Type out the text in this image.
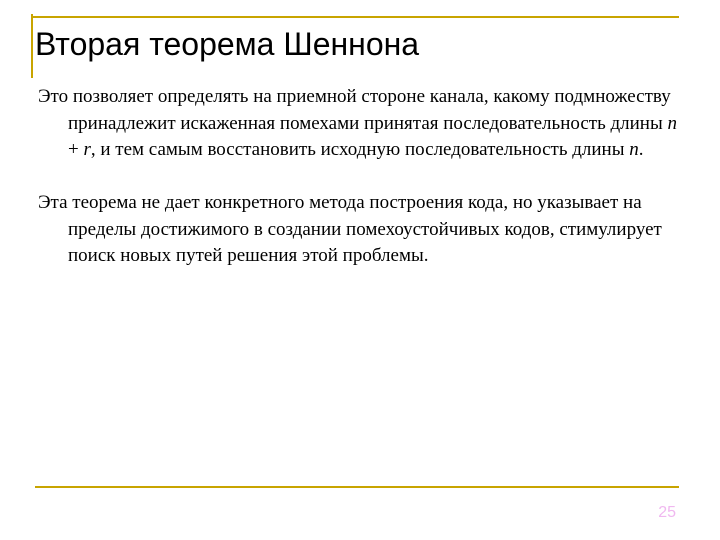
Вторая теорема Шеннона

Это позволяет определять на приемной стороне канала, какому подмножеству принадлежит искаженная помехами принятая последовательность длины n + r, и тем самым восстановить исходную последовательность длины n.

Эта теорема не дает конкретного метода построения кода, но указывает на пределы достижимого в создании помехоустойчивых кодов, стимулирует поиск новых путей решения этой проблемы.

25
